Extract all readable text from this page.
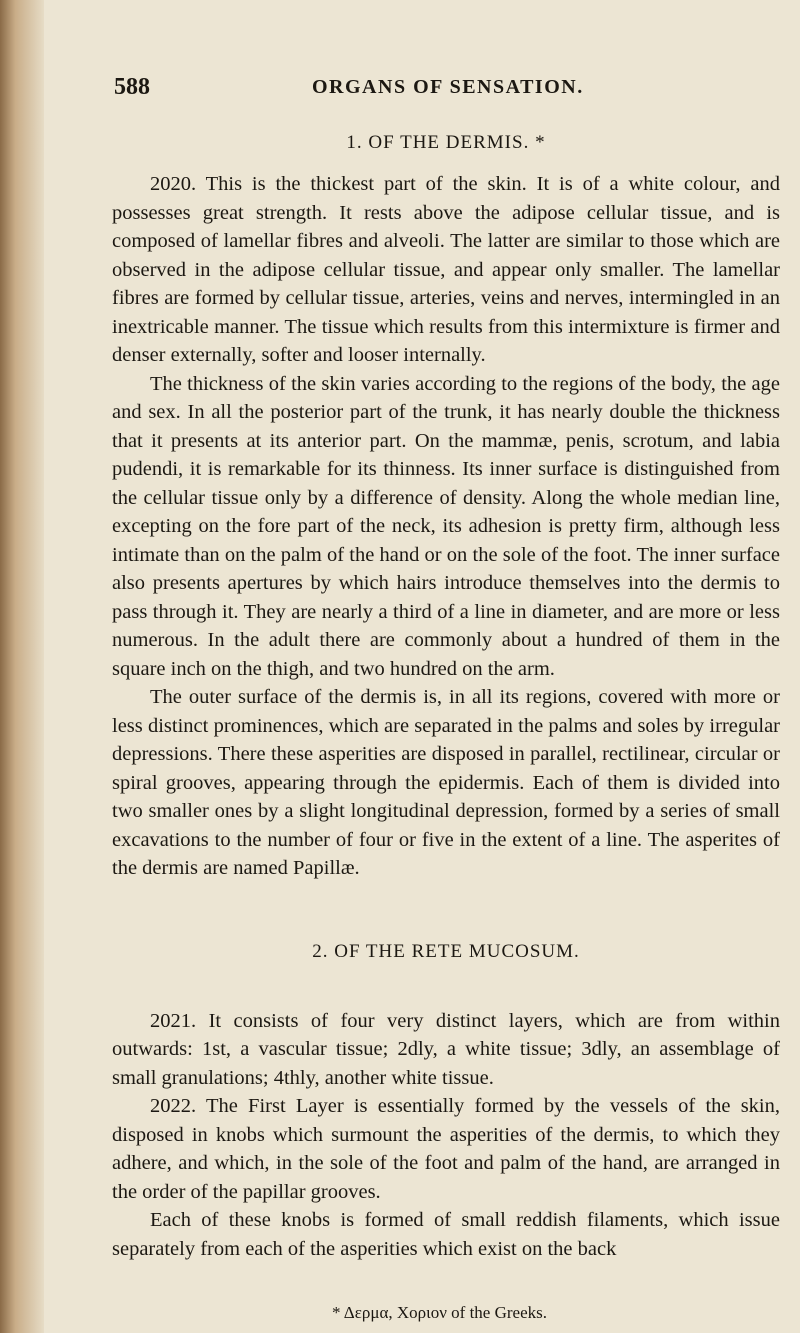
588	ORGANS OF SENSATION.
1. OF THE DERMIS. *

2020. This is the thickest part of the skin. It is of a white colour, and possesses great strength. It rests above the adipose cellular tissue, and is composed of lamellar fibres and alveoli. The latter are similar to those which are observed in the adipose cellular tissue, and appear only smaller. The lamellar fibres are formed by cellular tissue, arteries, veins and nerves, intermingled in an inextricable manner. The tissue which results from this intermixture is firmer and denser externally, softer and looser internally.

The thickness of the skin varies according to the regions of the body, the age and sex. In all the posterior part of the trunk, it has nearly double the thickness that it presents at its anterior part. On the mammæ, penis, scrotum, and labia pudendi, it is remarkable for its thinness. Its inner surface is distinguished from the cellular tissue only by a difference of density. Along the whole median line, excepting on the fore part of the neck, its adhesion is pretty firm, although less intimate than on the palm of the hand or on the sole of the foot. The inner surface also presents apertures by which hairs introduce themselves into the dermis to pass through it. They are nearly a third of a line in diameter, and are more or less numerous. In the adult there are commonly about a hundred of them in the square inch on the thigh, and two hundred on the arm.

The outer surface of the dermis is, in all its regions, covered with more or less distinct prominences, which are separated in the palms and soles by irregular depressions. There these asperities are disposed in parallel, rectilinear, circular or spiral grooves, appearing through the epidermis. Each of them is divided into two smaller ones by a slight longitudinal depression, formed by a series of small excavations to the number of four or five in the extent of a line. The asperites of the dermis are named Papillæ.

2. OF THE RETE MUCOSUM.

2021. It consists of four very distinct layers, which are from within outwards: 1st, a vascular tissue; 2dly, a white tissue; 3dly, an assemblage of small granulations; 4thly, another white tissue.

2022. The First Layer is essentially formed by the vessels of the skin, disposed in knobs which surmount the asperities of the dermis, to which they adhere, and which, in the sole of the foot and palm of the hand, are arranged in the order of the papillar grooves.

Each of these knobs is formed of small reddish filaments, which issue separately from each of the asperities which exist on the back

* Δερμα, Χοριον of the Greeks.
